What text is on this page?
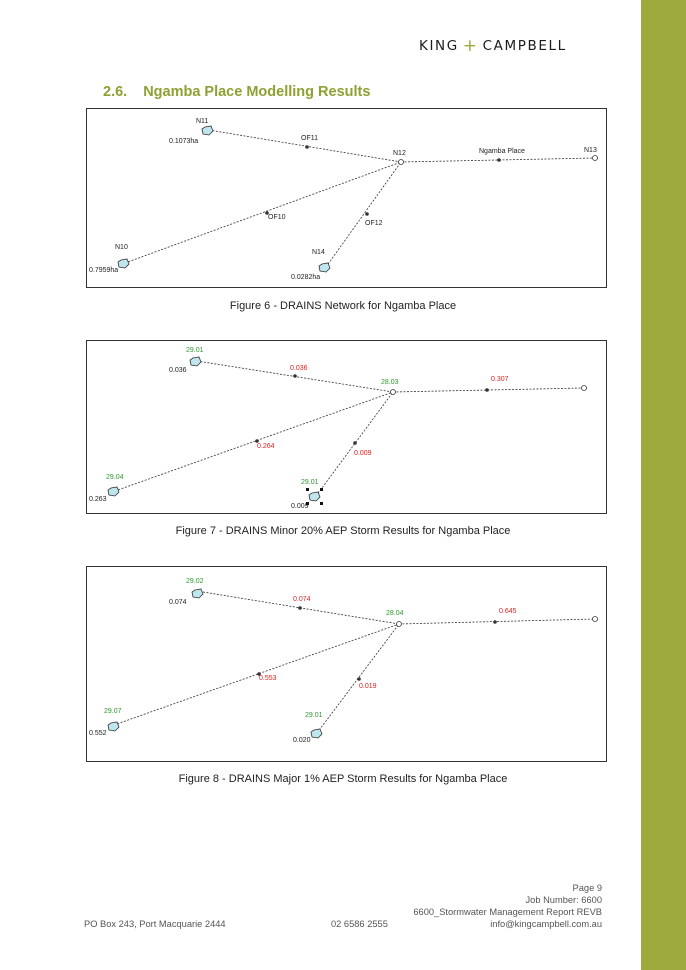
KING + CAMPBELL
2.6. Ngamba Place Modelling Results
N11
0.1073ha	OF11
N12	Ngamba Place	N13
OF10
OF12
N10
0.7959ha
N14
0.0282ha
Figure 6 - DRAINS Network for Ngamba Place
29.01
0.036	0.036
28.03	0.307
0.264
0.009
29.04
0.263
29.01
0.009
Figure 7 - DRAINS Minor 20% AEP Storm Results for Ngamba Place
29.02
0.074	0.074
28.04	0.645
0.553
0.019
29.07
0.552
29.01
0.020
Figure 8 - DRAINS Major 1% AEP Storm Results for Ngamba Place
Page 9
Job Number: 6600
6600_Stormwater Management Report REVB
info@kingcampbell.com.au
PO Box 243, Port Macquarie 2444	02 6586 2555
